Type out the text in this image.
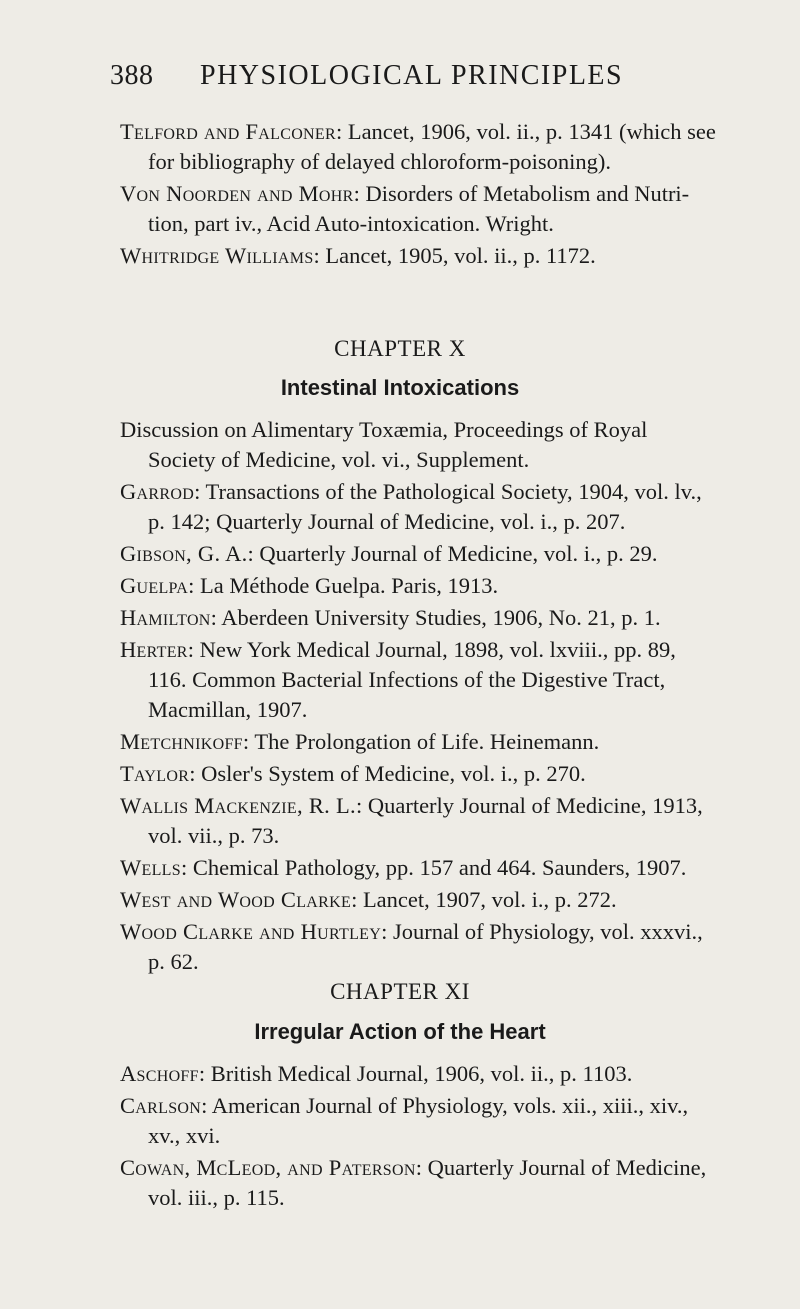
388 PHYSIOLOGICAL PRINCIPLES

Telford and Falconer: Lancet, 1906, vol. ii., p. 1341 (which see for bibliography of delayed chloroform-poisoning).

Von Noorden and Mohr: Disorders of Metabolism and Nutri-tion, part iv., Acid Auto-intoxication. Wright.

Whitridge Williams: Lancet, 1905, vol. ii., p. 1172.

CHAPTER X
Intestinal Intoxications

Discussion on Alimentary Toxæmia, Proceedings of Royal Society of Medicine, vol. vi., Supplement.

Garrod: Transactions of the Pathological Society, 1904, vol. lv., p. 142; Quarterly Journal of Medicine, vol. i., p. 207.

Gibson, G. A.: Quarterly Journal of Medicine, vol. i., p. 29.

Guelpa: La Méthode Guelpa. Paris, 1913.

Hamilton: Aberdeen University Studies, 1906, No. 21, p. 1.

Herter: New York Medical Journal, 1898, vol. lxviii., pp. 89, 116. Common Bacterial Infections of the Digestive Tract, Macmillan, 1907.

Metchnikoff: The Prolongation of Life. Heinemann.

Taylor: Osler's System of Medicine, vol. i., p. 270.

Wallis Mackenzie, R. L.: Quarterly Journal of Medicine, 1913, vol. vii., p. 73.

Wells: Chemical Pathology, pp. 157 and 464. Saunders, 1907.

West and Wood Clarke: Lancet, 1907, vol. i., p. 272.

Wood Clarke and Hurtley: Journal of Physiology, vol. xxxvi., p. 62.

CHAPTER XI
Irregular Action of the Heart

Aschoff: British Medical Journal, 1906, vol. ii., p. 1103.

Carlson: American Journal of Physiology, vols. xii., xiii., xiv., xv., xvi.

Cowan, McLeod, and Paterson: Quarterly Journal of Medicine, vol. iii., p. 115.
